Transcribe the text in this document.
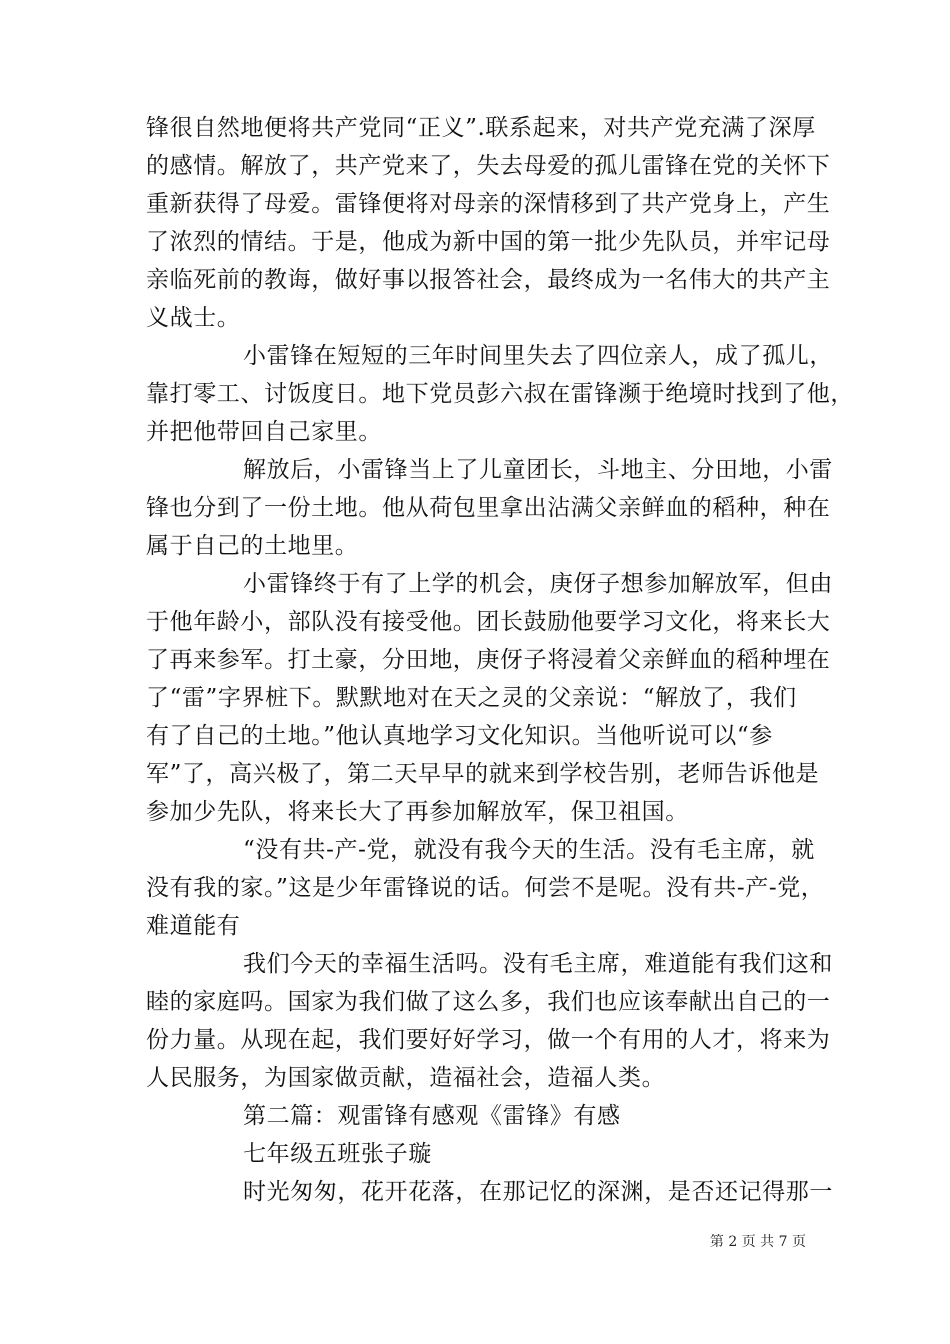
锋很自然地便将共产党同“正义”.联系起来，对共产党充满了深厚
的感情。解放了，共产党来了，失去母爱的孤儿雷锋在党的关怀下
重新获得了母爱。雷锋便将对母亲的深情移到了共产党身上，产生
了浓烈的情结。于是，他成为新中国的第一批少先队员，并牢记母
亲临死前的教诲，做好事以报答社会，最终成为一名伟大的共产主
义战士。
小雷锋在短短的三年时间里失去了四位亲人，成了孤儿，
靠打零工、讨饭度日。地下党员彭六叔在雷锋濒于绝境时找到了他，
并把他带回自己家里。
解放后，小雷锋当上了儿童团长，斗地主、分田地，小雷
锋也分到了一份土地。他从荷包里拿出沾满父亲鲜血的稻种，种在
属于自己的土地里。
小雷锋终于有了上学的机会，庚伢子想参加解放军，但由
于他年龄小，部队没有接受他。团长鼓励他要学习文化，将来长大
了再来参军。打土豪，分田地，庚伢子将浸着父亲鲜血的稻种埋在
了“雷”字界桩下。默默地对在天之灵的父亲说：“解放了，我们
有了自己的土地。”他认真地学习文化知识。当他听说可以“参
军”了，高兴极了，第二天早早的就来到学校告别，老师告诉他是
参加少先队，将来长大了再参加解放军，保卫祖国。
“没有共-产-党，就没有我今天的生活。没有毛主席，就
没有我的家。”这是少年雷锋说的话。何尝不是呢。没有共-产-党，
难道能有
我们今天的幸福生活吗。没有毛主席，难道能有我们这和
睦的家庭吗。国家为我们做了这么多，我们也应该奉献出自己的一
份力量。从现在起，我们要好好学习，做一个有用的人才，将来为
人民服务，为国家做贡献，造福社会，造福人类。
第二篇：观雷锋有感观《雷锋》有感
七年级五班张子璇
时光匆匆，花开花落，在那记忆的深渊，是否还记得那一
第 2 页 共 7 页
